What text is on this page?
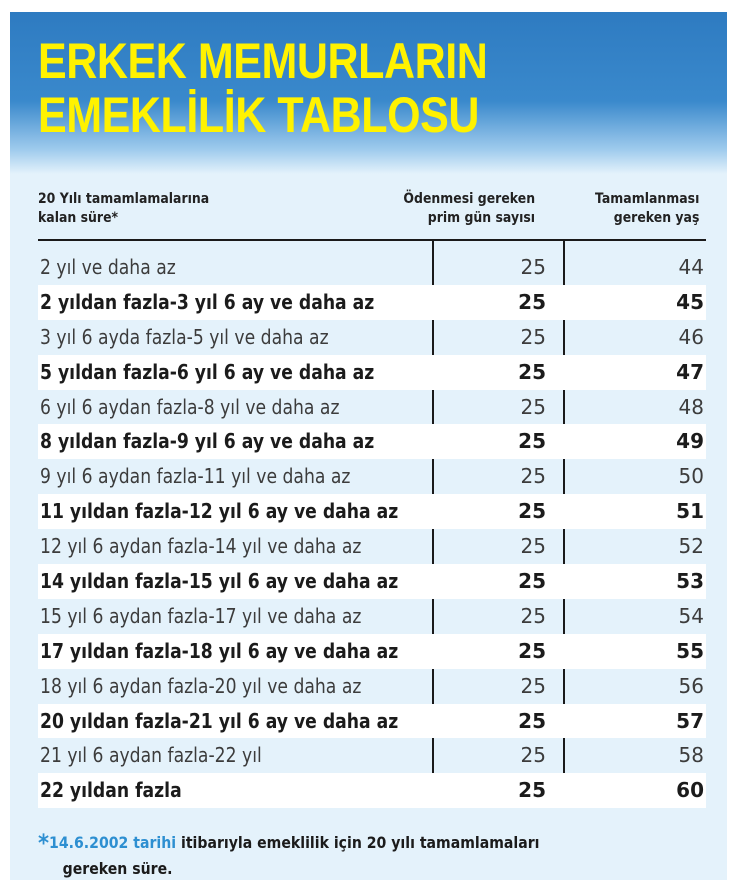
ERKEK MEMURLARIN
EMEKLİLİK TABLOSU
20 Yılı tamamlamalarına
kalan süre*
Ödenmesi gereken
prim gün sayısı
Tamamlanması
gereken yaş
2 yıl ve daha az	25	44
2 yıldan fazla-3 yıl 6 ay ve daha az	25	45
3 yıl 6 ayda fazla-5 yıl ve daha az	25	46
5 yıldan fazla-6 yıl 6 ay ve daha az	25	47
6 yıl 6 aydan fazla-8 yıl ve daha az	25	48
8 yıldan fazla-9 yıl 6 ay ve daha az	25	49
9 yıl 6 aydan fazla-11 yıl ve daha az	25	50
11 yıldan fazla-12 yıl 6 ay ve daha az	25	51
12 yıl 6 aydan fazla-14 yıl ve daha az	25	52
14 yıldan fazla-15 yıl 6 ay ve daha az	25	53
15 yıl 6 aydan fazla-17 yıl ve daha az	25	54
17 yıldan fazla-18 yıl 6 ay ve daha az	25	55
18 yıl 6 aydan fazla-20 yıl ve daha az	25	56
20 yıldan fazla-21 yıl 6 ay ve daha az	25	57
21 yıl 6 aydan fazla-22 yıl	25	58
22 yıldan fazla	25	60
*14.6.2002 tarihi itibarıyla emeklilik için 20 yılı tamamlamaları
gereken süre.
